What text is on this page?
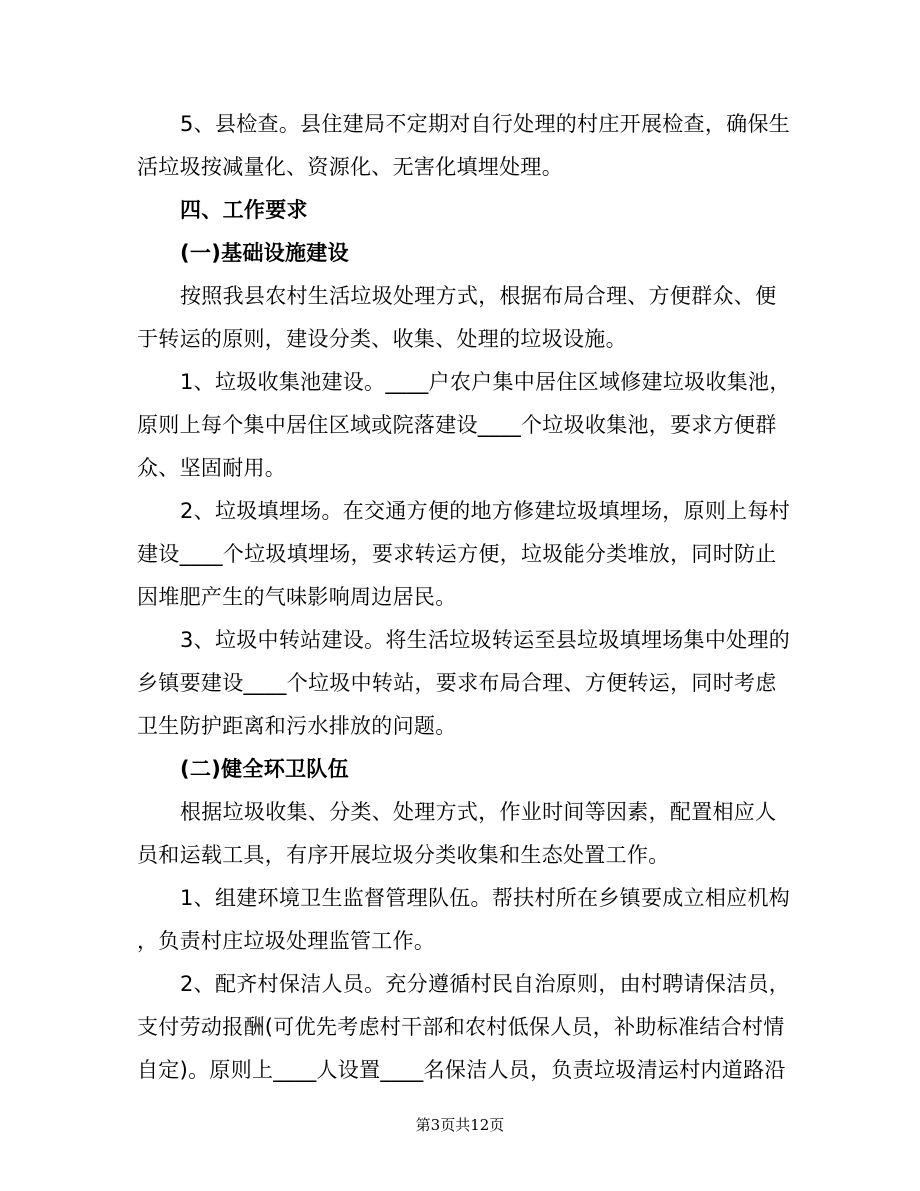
5、县检查。县住建局不定期对自行处理的村庄开展检查，确保生
活垃圾按减量化、资源化、无害化填埋处理。
四、工作要求
(一)基础设施建设
按照我县农村生活垃圾处理方式，根据布局合理、方便群众、便
于转运的原则，建设分类、收集、处理的垃圾设施。
1、垃圾收集池建设。____户农户集中居住区域修建垃圾收集池，
原则上每个集中居住区域或院落建设____个垃圾收集池，要求方便群
众、坚固耐用。
2、垃圾填埋场。在交通方便的地方修建垃圾填埋场，原则上每村
建设____个垃圾填埋场，要求转运方便，垃圾能分类堆放，同时防止
因堆肥产生的气味影响周边居民。
3、垃圾中转站建设。将生活垃圾转运至县垃圾填埋场集中处理的
乡镇要建设____个垃圾中转站，要求布局合理、方便转运，同时考虑
卫生防护距离和污水排放的问题。
(二)健全环卫队伍
根据垃圾收集、分类、处理方式，作业时间等因素，配置相应人
员和运载工具，有序开展垃圾分类收集和生态处置工作。
1、组建环境卫生监督管理队伍。帮扶村所在乡镇要成立相应机构
，负责村庄垃圾处理监管工作。
2、配齐村保洁人员。充分遵循村民自治原则，由村聘请保洁员，
支付劳动报酬(可优先考虑村干部和农村低保人员，补助标准结合村情
自定)。原则上____人设置____名保洁人员，负责垃圾清运村内道路沿
第3页共12页
